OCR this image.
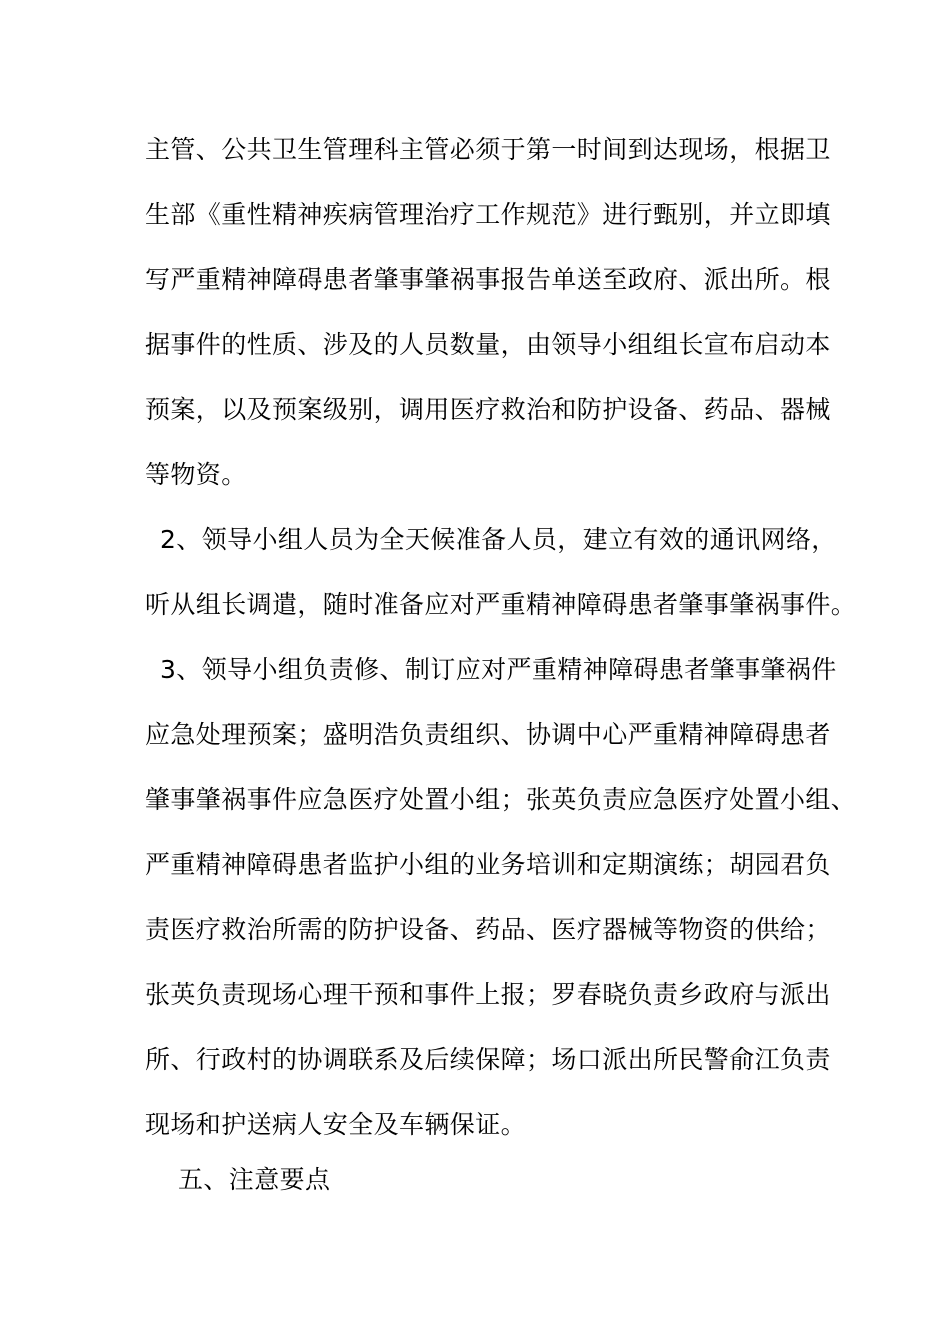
主管、公共卫生管理科主管必须于第一时间到达现场，根据卫
生部《重性精神疾病管理治疗工作规范》进行甄别，并立即填
写严重精神障碍患者肇事肇祸事报告单送至政府、派出所。根
据事件的性质、涉及的人员数量，由领导小组组长宣布启动本
预案，以及预案级别，调用医疗救治和防护设备、药品、器械
等物资。
2、领导小组人员为全天候准备人员，建立有效的通讯网络，
听从组长调遣，随时准备应对严重精神障碍患者肇事肇祸事件。
3、领导小组负责修、制订应对严重精神障碍患者肇事肇祸件
应急处理预案；盛明浩负责组织、协调中心严重精神障碍患者
肇事肇祸事件应急医疗处置小组；张英负责应急医疗处置小组、
严重精神障碍患者监护小组的业务培训和定期演练；胡园君负
责医疗救治所需的防护设备、药品、医疗器械等物资的供给；
张英负责现场心理干预和事件上报；罗春晓负责乡政府与派出
所、行政村的协调联系及后续保障；场口派出所民警俞江负责
现场和护送病人安全及车辆保证。
五、注意要点
